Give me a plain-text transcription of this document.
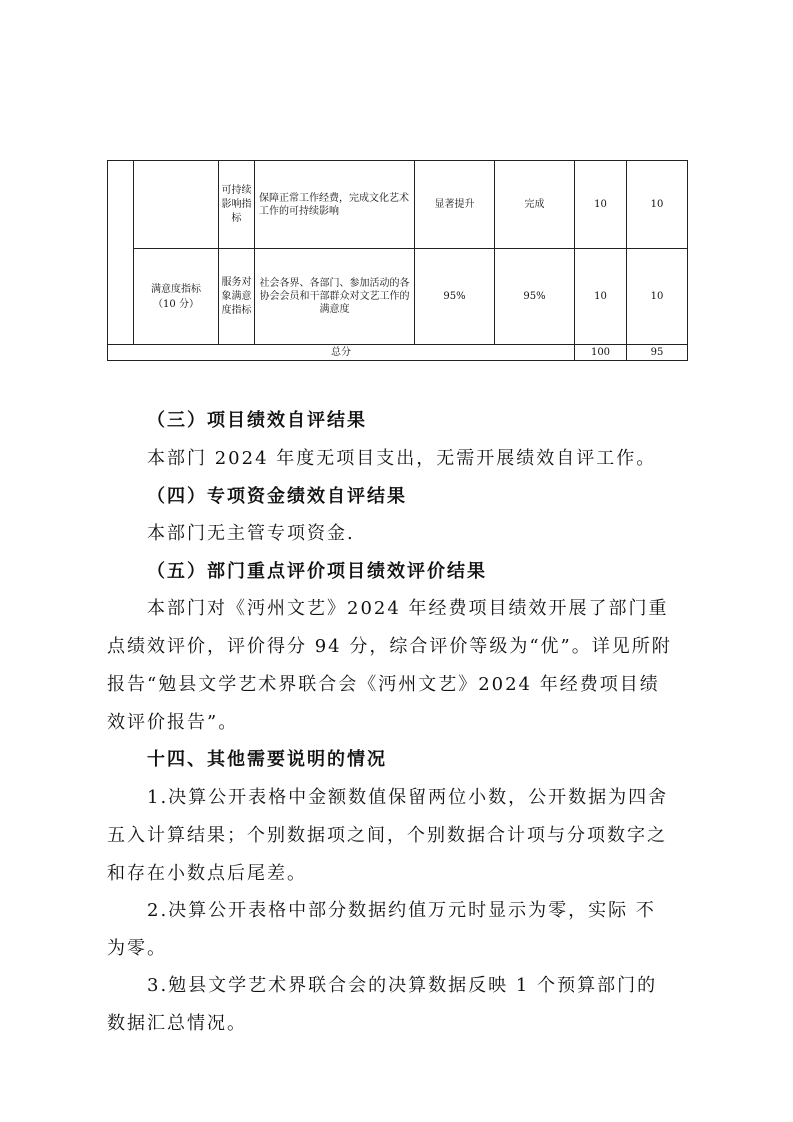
		可持续影响指标	保障正常工作经费，完成文化艺术工作的可持续影响	显著提升	完成	10	10
	满意度指标（10 分）	服务对象满意度指标	社会各界、各部门、参加活动的各协会会员和干部群众对文艺工作的满意度	95%	95%	10	10
总分						100	95

（三）项目绩效自评结果

本部门 2024 年度无项目支出，无需开展绩效自评工作。

（四）专项资金绩效自评结果

本部门无主管专项资金.

（五）部门重点评价项目绩效评价结果

本部门对《沔州文艺》2024 年经费项目绩效开展了部门重

点绩效评价，评价得分 94 分，综合评价等级为“优”。详见所附

报告“勉县文学艺术界联合会《沔州文艺》2024 年经费项目绩

效评价报告”。

十四、其他需要说明的情况

1.决算公开表格中金额数值保留两位小数，公开数据为四舍

五入计算结果；个别数据项之间，个别数据合计项与分项数字之

和存在小数点后尾差。

2.决算公开表格中部分数据约值万元时显示为零，实际 不

为零。

3.勉县文学艺术界联合会的决算数据反映 1 个预算部门的

数据汇总情况。
